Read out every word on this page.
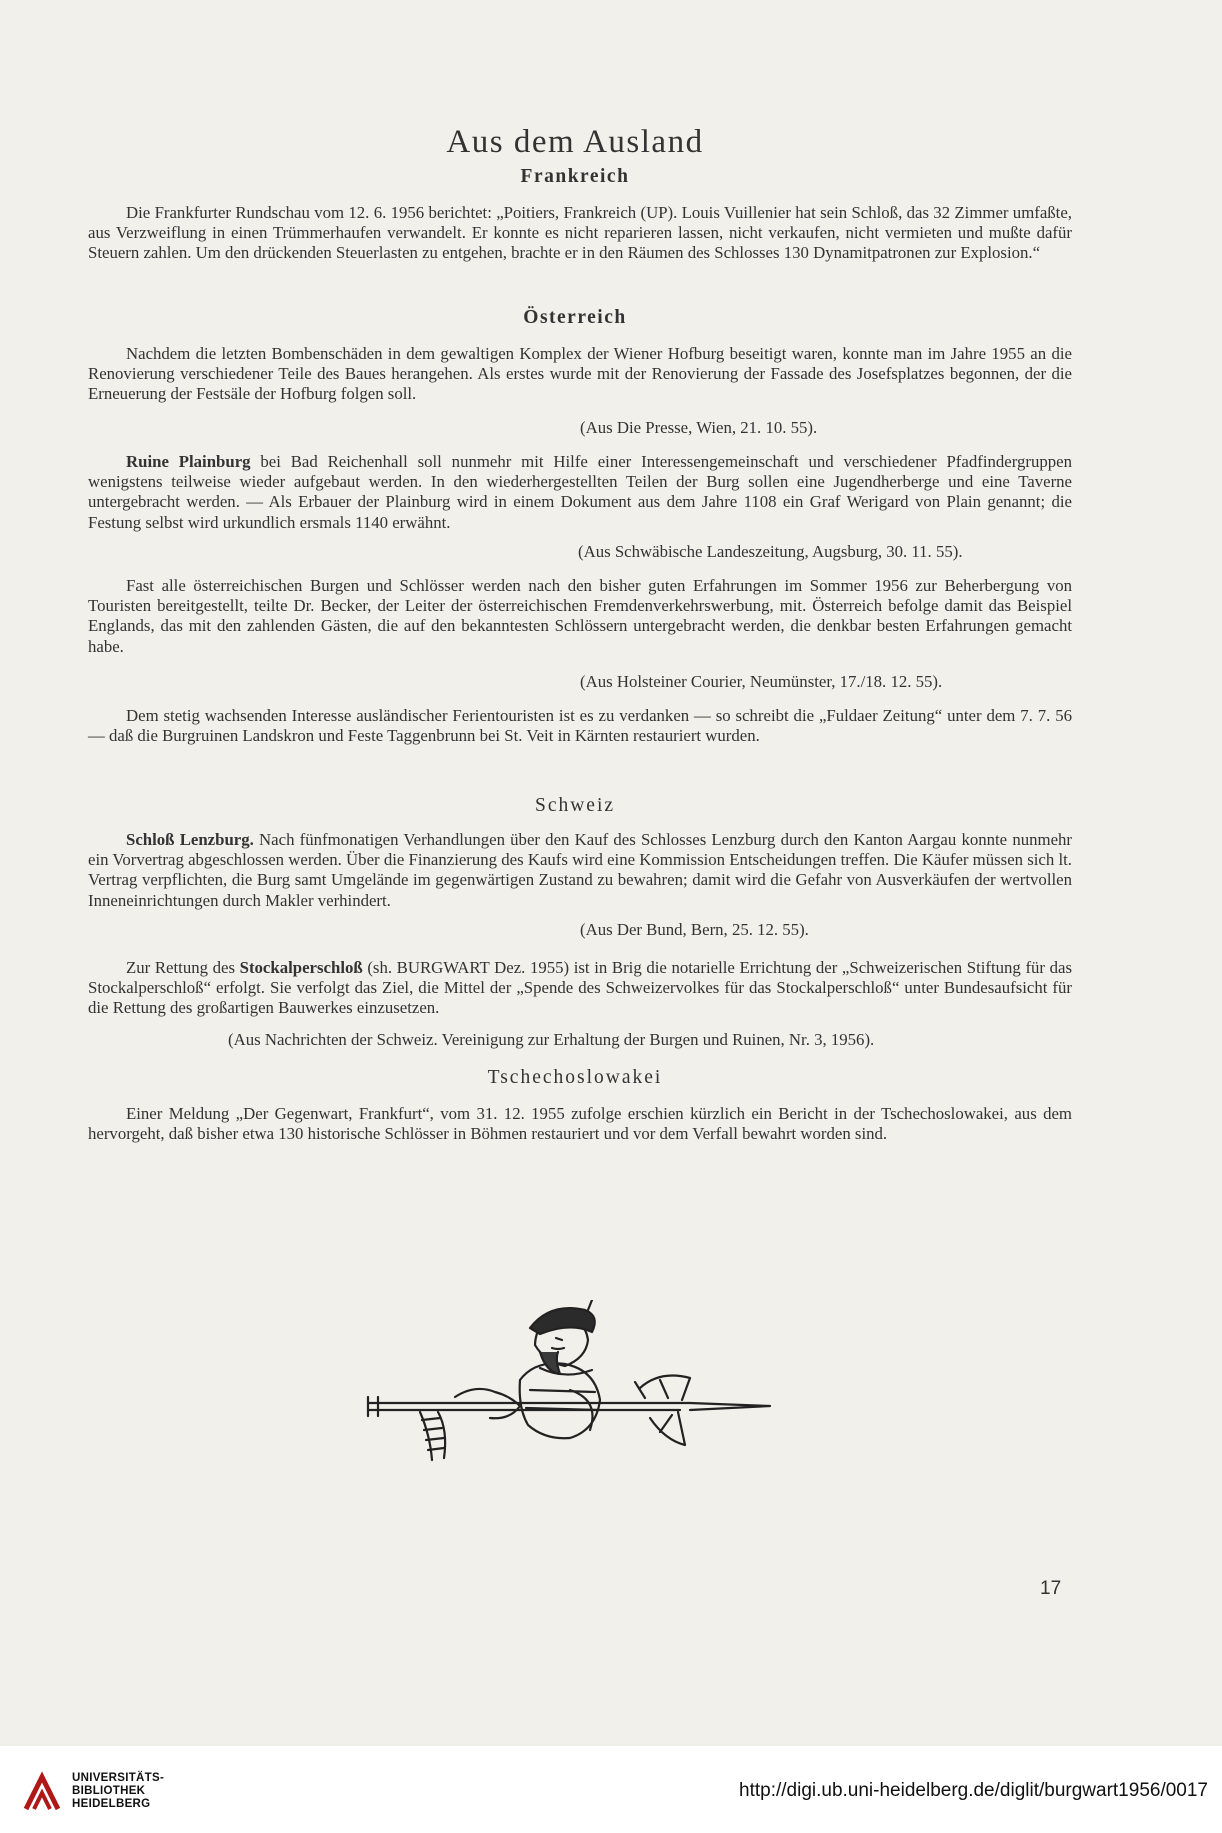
Aus dem Ausland
Frankreich

Die Frankfurter Rundschau vom 12. 6. 1956 berichtet: „Poitiers, Frankreich (UP). Louis Vuillenier hat sein Schloß, das 32 Zimmer umfaßte, aus Verzweiflung in einen Trümmerhaufen verwandelt. Er konnte es nicht reparieren lassen, nicht verkaufen, nicht vermieten und mußte dafür Steuern zahlen. Um den drückenden Steuerlasten zu entgehen, brachte er in den Räumen des Schlosses 130 Dynamitpatronen zur Explosion.“

Österreich

Nachdem die letzten Bombenschäden in dem gewaltigen Komplex der Wiener Hofburg beseitigt waren, konnte man im Jahre 1955 an die Renovierung verschiedener Teile des Baues herangehen. Als erstes wurde mit der Renovierung der Fassade des Josefsplatzes begonnen, der die Erneuerung der Festsäle der Hofburg folgen soll.

(Aus Die Presse, Wien, 21. 10. 55).

Ruine Plainburg bei Bad Reichenhall soll nunmehr mit Hilfe einer Interessengemeinschaft und verschiedener Pfadfindergruppen wenigstens teilweise wieder aufgebaut werden. In den wiederhergestellten Teilen der Burg sollen eine Jugendherberge und eine Taverne untergebracht werden. — Als Erbauer der Plainburg wird in einem Dokument aus dem Jahre 1108 ein Graf Werigard von Plain genannt; die Festung selbst wird urkundlich ersmals 1140 erwähnt.

(Aus Schwäbische Landeszeitung, Augsburg, 30. 11. 55).

Fast alle österreichischen Burgen und Schlösser werden nach den bisher guten Erfahrungen im Sommer 1956 zur Beherbergung von Touristen bereitgestellt, teilte Dr. Becker, der Leiter der österreichischen Fremdenverkehrswerbung, mit. Österreich befolge damit das Beispiel Englands, das mit den zahlenden Gästen, die auf den bekanntesten Schlössern untergebracht werden, die denkbar besten Erfahrungen gemacht habe.

(Aus Holsteiner Courier, Neumünster, 17./18. 12. 55).

Dem stetig wachsenden Interesse ausländischer Ferientouristen ist es zu verdanken — so schreibt die „Fuldaer Zeitung“ unter dem 7. 7. 56 — daß die Burgruinen Landskron und Feste Taggenbrunn bei St. Veit in Kärnten restauriert wurden.

Schweiz

Schloß Lenzburg. Nach fünfmonatigen Verhandlungen über den Kauf des Schlosses Lenzburg durch den Kanton Aargau konnte nunmehr ein Vorvertrag abgeschlossen werden. Über die Finanzierung des Kaufs wird eine Kommission Entscheidungen treffen. Die Käufer müssen sich lt. Vertrag verpflichten, die Burg samt Umgelände im gegenwärtigen Zustand zu bewahren; damit wird die Gefahr von Ausverkäufen der wertvollen Inneneinrichtungen durch Makler verhindert.

(Aus Der Bund, Bern, 25. 12. 55).

Zur Rettung des Stockalperschloß (sh. BURGWART Dez. 1955) ist in Brig die notarielle Errichtung der „Schweizerischen Stiftung für das Stockalperschloß“ erfolgt. Sie verfolgt das Ziel, die Mittel der „Spende des Schweizervolkes für das Stockalperschloß“ unter Bundesaufsicht für die Rettung des großartigen Bauwerkes einzusetzen.

(Aus Nachrichten der Schweiz. Vereinigung zur Erhaltung der Burgen und Ruinen, Nr. 3, 1956).
Tschechoslowakei

Einer Meldung „Der Gegenwart, Frankfurt“, vom 31. 12. 1955 zufolge erschien kürzlich ein Bericht in der Tschechoslowakei, aus dem hervorgeht, daß bisher etwa 130 historische Schlösser in Böhmen restauriert und vor dem Verfall bewahrt worden sind.

17
UNIVERSITÄTS-
BIBLIOTHEK
HEIDELBERG
http://digi.ub.uni-heidelberg.de/diglit/burgwart1956/0017
